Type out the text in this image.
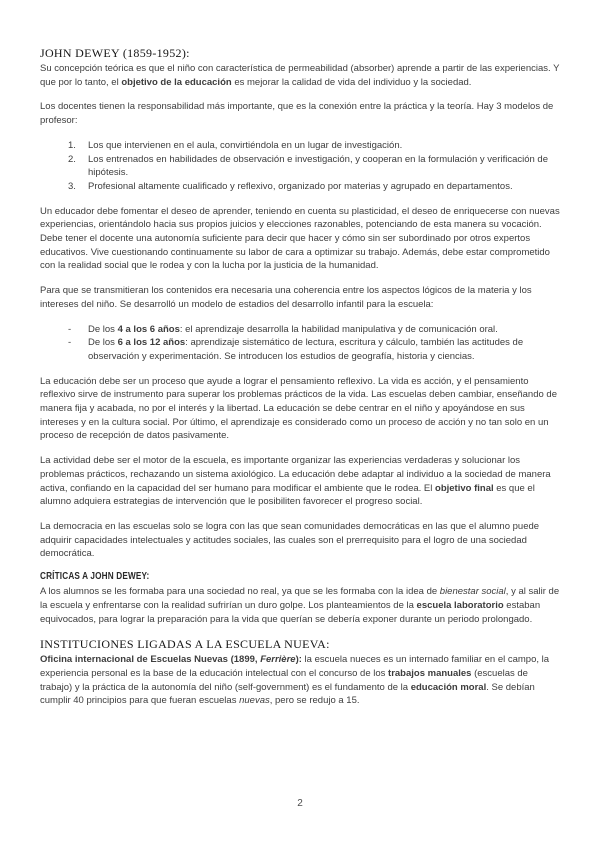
JOHN DEWEY (1859-1952):

Su concepción teórica es que el niño con característica de permeabilidad (absorber) aprende a partir de las experiencias. Y que por lo tanto, el objetivo de la educación es mejorar la calidad de vida del individuo y la sociedad.

Los docentes tienen la responsabilidad más importante, que es la conexión entre la práctica y la teoría. Hay 3 modelos de profesor:

1.	Los que intervienen en el aula, convirtiéndola en un lugar de investigación.
2.	Los entrenados en habilidades de observación e investigación, y cooperan en la formulación y verificación de hipótesis.
3.	Profesional altamente cualificado y reflexivo, organizado por materias y agrupado en departamentos.

Un educador debe fomentar el deseo de aprender, teniendo en cuenta su plasticidad, el deseo de enriquecerse con nuevas experiencias, orientándolo hacia sus propios juicios y elecciones razonables, potenciando de esta manera su vocación. Debe tener el docente una autonomía suficiente para decir que hacer y cómo sin ser subordinado por otros expertos educativos. Vive cuestionando continuamente su labor de cara a optimizar su trabajo. Además, debe estar comprometido con la realidad social que le rodea y con la lucha por la justicia de la humanidad.

Para que se transmitieran los contenidos era necesaria una coherencia entre los aspectos lógicos de la materia y los intereses del niño. Se desarrolló un modelo de estadios del desarrollo infantil para la escuela:

-	De los 4 a los 6 años: el aprendizaje desarrolla la habilidad manipulativa y de comunicación oral.
-	De los 6 a los 12 años: aprendizaje sistemático de lectura, escritura y cálculo, también las actitudes de observación y experimentación. Se introducen los estudios de geografía, historia y ciencias.

La educación debe ser un proceso que ayude a lograr el pensamiento reflexivo. La vida es acción, y el pensamiento reflexivo sirve de instrumento para superar los problemas prácticos de la vida. Las escuelas deben cambiar, enseñando de manera fija y acabada, no por el interés y la libertad. La educación se debe centrar en el niño y apoyándose en sus intereses y en la cultura social. Por último, el aprendizaje es considerado como un proceso de acción y no tan solo en un proceso de recepción de datos pasivamente.

La actividad debe ser el motor de la escuela, es importante organizar las experiencias verdaderas y solucionar los problemas prácticos, rechazando un sistema axiológico. La educación debe adaptar al individuo a la sociedad de manera activa, confiando en la capacidad del ser humano para modificar el ambiente que le rodea. El objetivo final es que el alumno adquiera estrategias de intervención que le posibiliten favorecer el progreso social.

La democracia en las escuelas solo se logra con las que sean comunidades democráticas en las que el alumno puede adquirir capacidades intelectuales y actitudes sociales, las cuales son el prerrequisito para el logro de una sociedad democrática.

CRÍTICAS A JOHN DEWEY:

A los alumnos se les formaba para una sociedad no real, ya que se les formaba con la idea de bienestar social, y al salir de la escuela y enfrentarse con la realidad sufrirían un duro golpe. Los planteamientos de la escuela laboratorio estaban equivocados, para lograr la preparación para la vida que querían se debería exponer durante un periodo prolongado.

INSTITUCIONES LIGADAS A LA ESCUELA NUEVA:

Oficina internacional de Escuelas Nuevas (1899, Ferrière): la escuela nueces es un internado familiar en el campo, la experiencia personal es la base de la educación intelectual con el concurso de los trabajos manuales (escuelas de trabajo) y la práctica de la autonomía del niño (self-government) es el fundamento de la educación moral. Se debían cumplir 40 principios para que fueran escuelas nuevas, pero se redujo a 15.

2
